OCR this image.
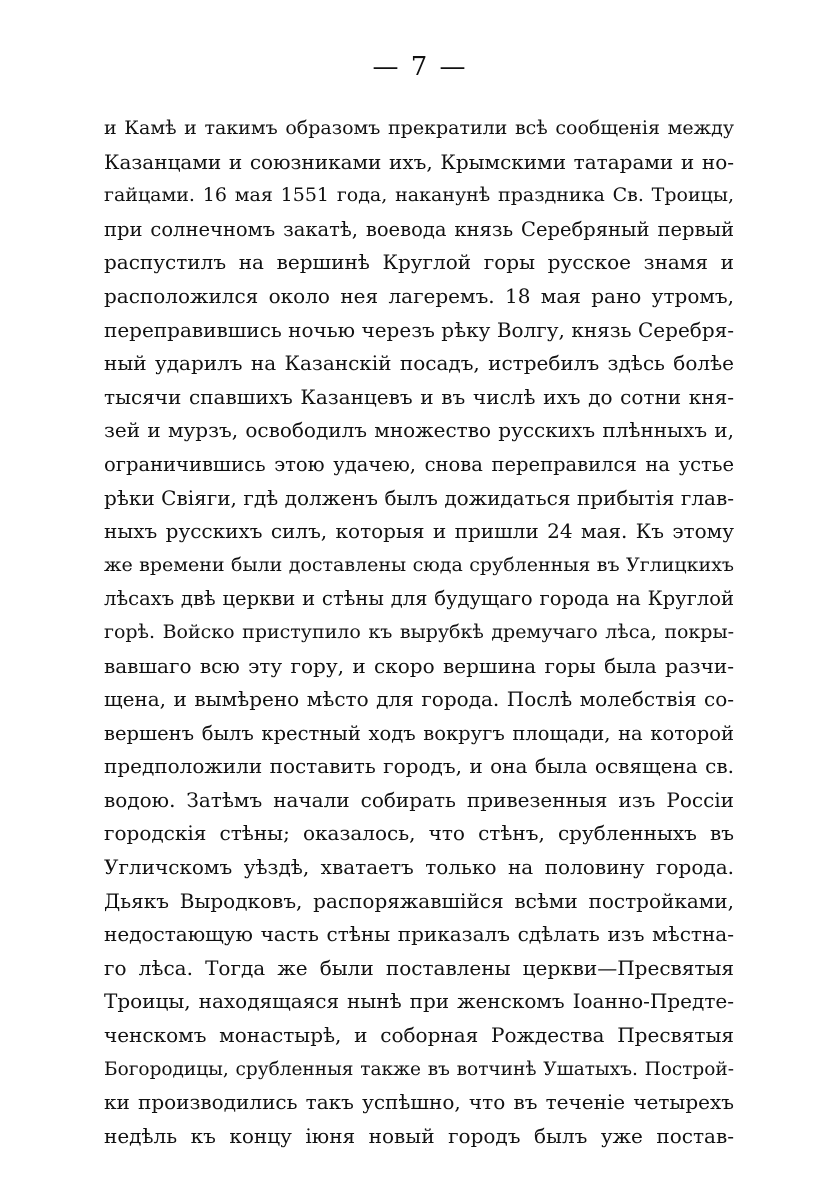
— 7 —
и Камѣ и такимъ образомъ прекратили всѣ сообщенія между
Казанцами и союзниками ихъ, Крымскими татарами и но-
гайцами. 16 мая 1551 года, наканунѣ праздника Св. Троицы,
при солнечномъ закатѣ, воевода князь Серебряный первый
распустилъ на вершинѣ Круглой горы русское знамя и
расположился около нея лагеремъ. 18 мая рано утромъ,
переправившись ночью черезъ рѣку Волгу, князь Серебря-
ный ударилъ на Казанскій посадъ, истребилъ здѣсь болѣе
тысячи спавшихъ Казанцевъ и въ числѣ ихъ до сотни кня-
зей и мурзъ, освободилъ множество русскихъ плѣнныхъ и,
ограничившись этою удачею, снова переправился на устье
рѣки Свіяги, гдѣ долженъ былъ дожидаться прибытія глав-
ныхъ русскихъ силъ, которыя и пришли 24 мая. Къ этому
же времени были доставлены сюда срубленныя въ Углицкихъ
лѣсахъ двѣ церкви и стѣны для будущаго города на Круглой
горѣ. Войско приступило къ вырубкѣ дремучаго лѣса, покры-
вавшаго всю эту гору, и скоро вершина горы была разчи-
щена, и вымѣрено мѣсто для города. Послѣ молебствія со-
вершенъ былъ крестный ходъ вокругъ площади, на которой
предположили поставить городъ, и она была освящена св.
водою. Затѣмъ начали собирать привезенныя изъ Россіи
городскія стѣны; оказалось, что стѣнъ, срубленныхъ въ
Угличскомъ уѣздѣ, хватаетъ только на половину города.
Дьякъ Выродковъ, распоряжавшійся всѣми постройками,
недостающую часть стѣны приказалъ сдѣлать изъ мѣстна-
го лѣса. Тогда же были поставлены церкви—Пресвятыя
Троицы, находящаяся нынѣ при женскомъ Іоанно-Предте-
ченскомъ монастырѣ, и соборная Рождества Пресвятыя
Богородицы, срубленныя также въ вотчинѣ Ушатыхъ. Построй-
ки производились такъ успѣшно, что въ теченіе четырехъ
недѣль къ концу іюня новый городъ былъ уже постав-
